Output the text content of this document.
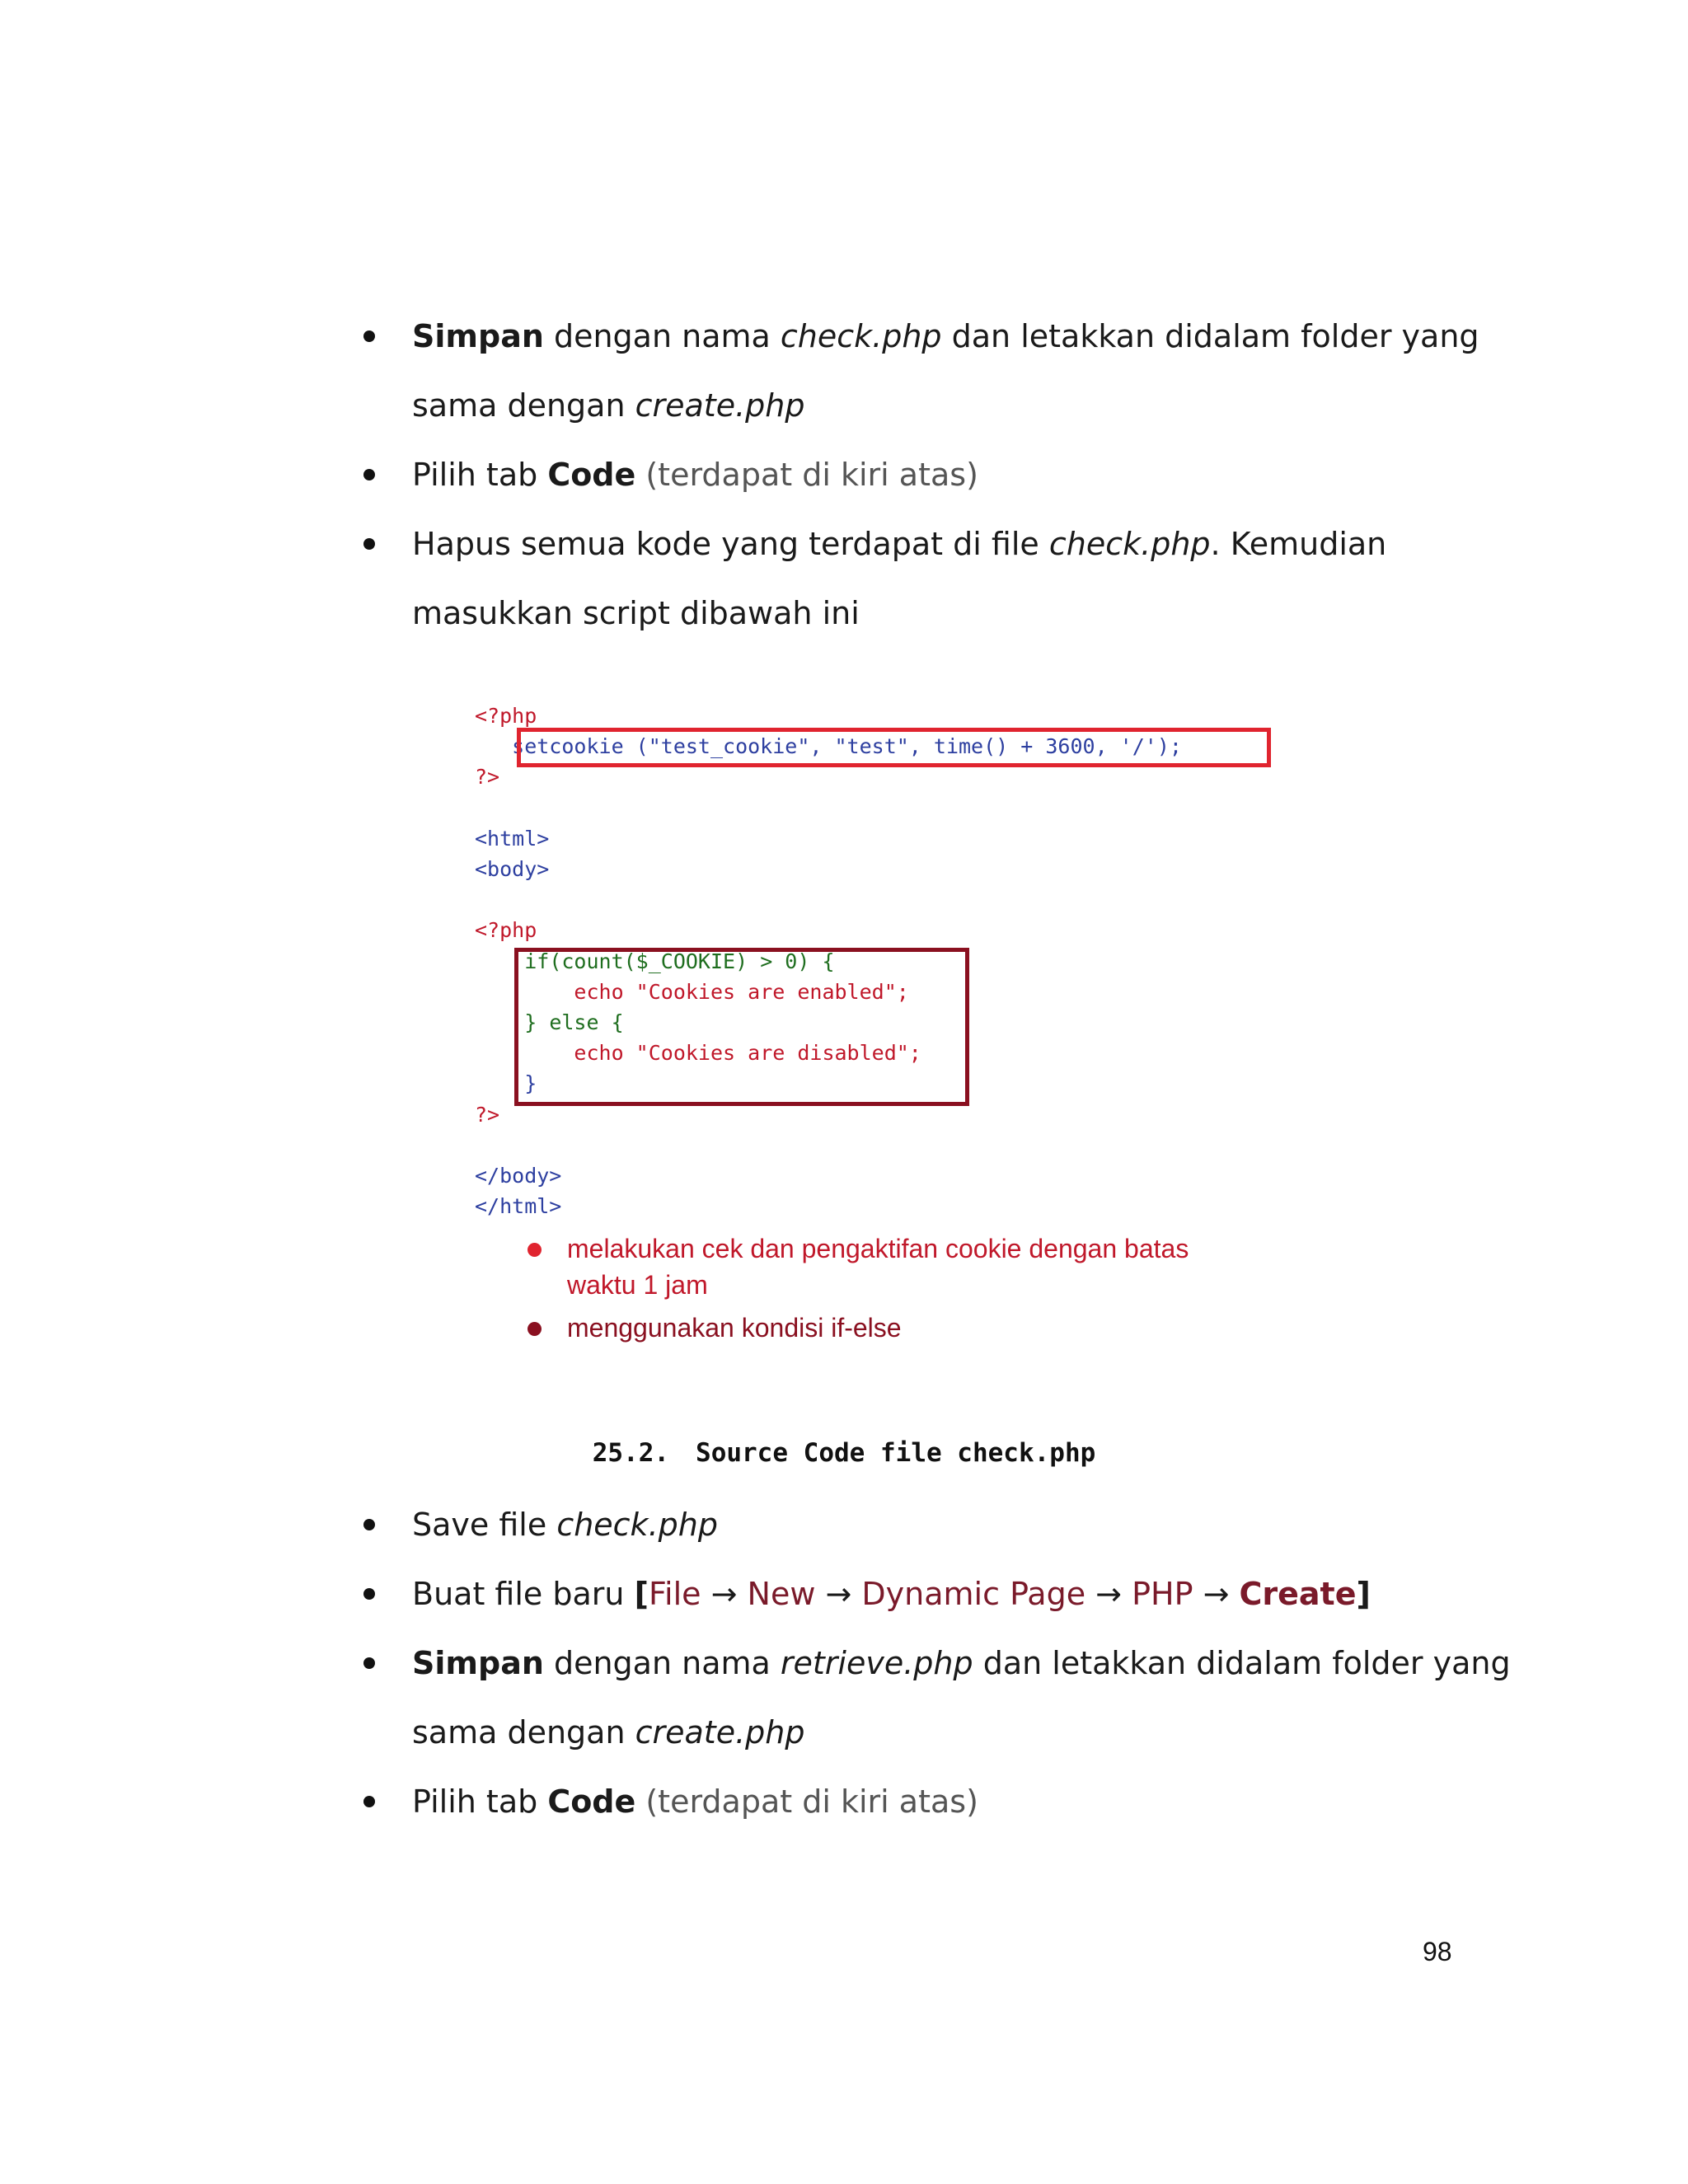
Simpan dengan nama check.php dan letakkan didalam folder yang
sama dengan create.php
Pilih tab Code (terdapat di kiri atas)
Hapus semua kode yang terdapat di file check.php. Kemudian
masukkan script dibawah ini
<?php
setcookie ("test_cookie", "test", time() + 3600, '/');
?>

<html>
<body>

<?php
if(count($_COOKIE) > 0) {
echo "Cookies are enabled";
} else {
echo "Cookies are disabled";
}
?>

</body>
</html>
melakukan cek dan pengaktifan cookie dengan batas
waktu 1 jam
menggunakan kondisi if-else
25.2. Source Code file check.php
Save file check.php
Buat file baru [File → New → Dynamic Page → PHP → Create]
Simpan dengan nama retrieve.php dan letakkan didalam folder yang
sama dengan create.php
Pilih tab Code (terdapat di kiri atas)
98
